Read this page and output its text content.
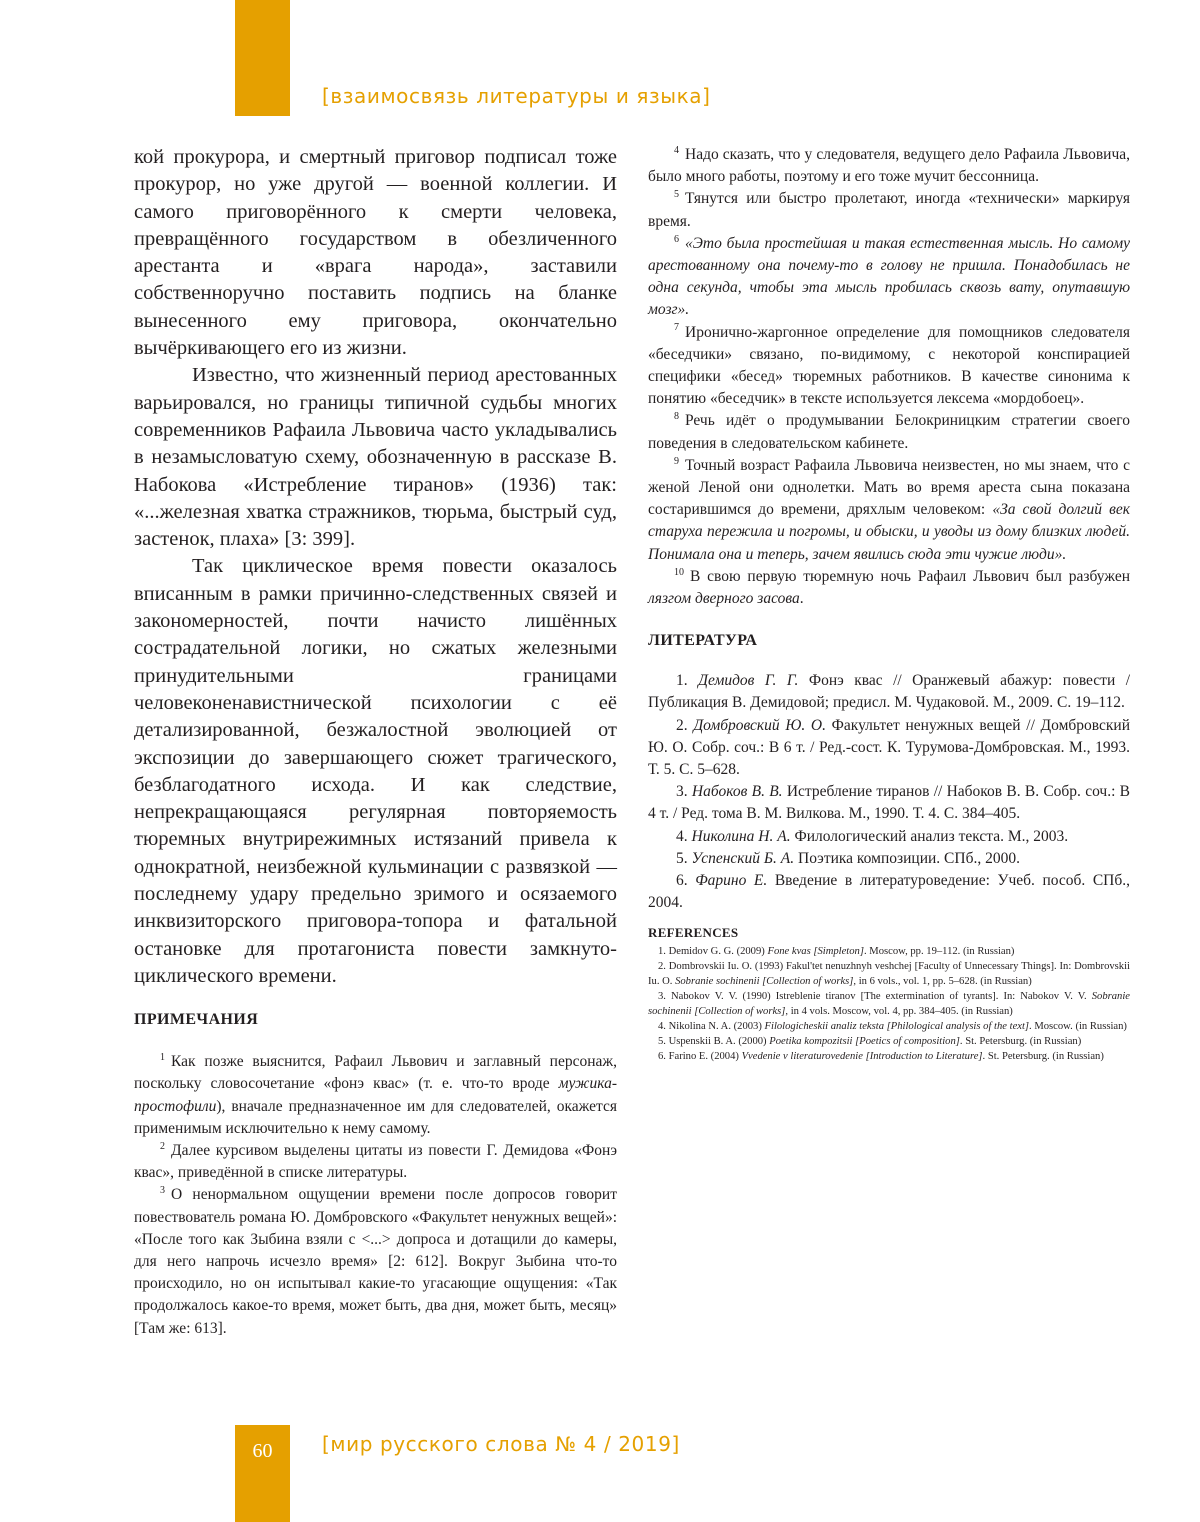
[взаимосвязь литературы и языка]

кой прокурора, и смертный приговор подписал тоже прокурор, но уже другой — военной коллегии. И самого приговорённого к смерти человека, превращённого государством в обезличенного арестанта и «врага народа», заставили собственноручно поставить подпись на бланке вынесенного ему приговора, окончательно вычёркивающего его из жизни.

Известно, что жизненный период арестованных варьировался, но границы типичной судьбы многих современников Рафаила Львовича часто укладывались в незамысловатую схему, обозначенную в рассказе В. Набокова «Истребление тиранов» (1936) так: «...железная хватка стражников, тюрьма, быстрый суд, застенок, плаха» [3: 399].

Так циклическое время повести оказалось вписанным в рамки причинно-следственных связей и закономерностей, почти начисто лишённых сострадательной логики, но сжатых железными принудительными границами человеконенавистнической психологии с её детализированной, безжалостной эволюцией от экспозиции до завершающего сюжет трагического, безблагодатного исхода. И как следствие, непрекращающаяся регулярная повторяемость тюремных внутрирежимных истязаний привела к однократной, неизбежной кульминации с развязкой — последнему удару предельно зримого и осязаемого инквизиторского приговора-топора и фатальной остановке для протагониста повести замкнуто-циклического времени.

ПРИМЕЧАНИЯ

$^1$ Как позже выяснится, Рафаил Львович и заглавный персонаж, поскольку словосочетание «фонэ квас» (т. е. что-то вроде мужика-простофили), вначале предназначенное им для следователей, окажется применимым исключительно к нему самому.

$^2$ Далее курсивом выделены цитаты из повести Г. Демидова «Фонэ квас», приведённой в списке литературы.

$^3$ О ненормальном ощущении времени после допросов говорит повествователь романа Ю. Домбровского «Факультет ненужных вещей»: «После того как Зыбина взяли с <...> допроса и дотащили до камеры, для него напрочь исчезло время» [2: 612]. Вокруг Зыбина что-то происходило, но он испытывал какие-то угасающие ощущения: «Так продолжалось какое-то время, может быть, два дня, может быть, месяц» [Там же: 613].

$^4$ Надо сказать, что у следователя, ведущего дело Рафаила Львовича, было много работы, поэтому и его тоже мучит бессонница.

$^5$ Тянутся или быстро пролетают, иногда «технически» маркируя время.

$^6$ «Это была простейшая и такая естественная мысль. Но самому арестованному она почему-то в голову не пришла. Понадобилась не одна секунда, чтобы эта мысль пробилась сквозь вату, опутавшую мозг».

$^7$ Иронично-жаргонное определение для помощников следователя «беседчики» связано, по-видимому, с некоторой конспирацией специфики «бесед» тюремных работников. В качестве синонима к понятию «беседчик» в тексте используется лексема «мордобоец».

$^8$ Речь идёт о продумывании Белокриницким стратегии своего поведения в следовательском кабинете.

$^9$ Точный возраст Рафаила Львовича неизвестен, но мы знаем, что с женой Леной они однолетки. Мать во время ареста сына показана состарившимся до времени, дряхлым человеком: «За свой долгий век старуха пережила и погромы, и обыски, и уводы из дому близких людей. Понимала она и теперь, зачем явились сюда эти чужие люди».

$^{10}$ В свою первую тюремную ночь Рафаил Львович был разбужен лязгом дверного засова.

ЛИТЕРАТУРА

1. Демидов Г. Г. Фонэ квас // Оранжевый абажур: повести / Публикация В. Демидовой; предисл. М. Чудаковой. М., 2009. С. 19–112.

2. Домбровский Ю. О. Факультет ненужных вещей // Домбровский Ю. О. Собр. соч.: В 6 т. / Ред.-сост. К. Турумова-Домбровская. М., 1993. Т. 5. С. 5–628.

3. Набоков В. В. Истребление тиранов // Набоков В. В. Собр. соч.: В 4 т. / Ред. тома В. М. Вилкова. М., 1990. Т. 4. С. 384–405.

4. Николина Н. А. Филологический анализ текста. М., 2003.

5. Успенский Б. А. Поэтика композиции. СПб., 2000.

6. Фарино Е. Введение в литературоведение: Учеб. пособ. СПб., 2004.

REFERENCES

1. Demidov G. G. (2009) Fone kvas [Simpleton]. Moscow, pp. 19–112. (in Russian)

2. Dombrovskii Iu. O. (1993) Fakul'tet nenuzhnyh veshchej [Faculty of Unnecessary Things]. In: Dombrovskii Iu. O. Sobranie sochinenii [Collection of works], in 6 vols., vol. 1, pp. 5–628. (in Russian)

3. Nabokov V. V. (1990) Istreblenie tiranov [The extermination of tyrants]. In: Nabokov V. V. Sobranie sochinenii [Collection of works], in 4 vols. Moscow, vol. 4, pp. 384–405. (in Russian)

4. Nikolina N. A. (2003) Filologicheskii analiz teksta [Philological analysis of the text]. Moscow. (in Russian)

5. Uspenskii B. A. (2000) Poetika kompozitsii [Poetics of composition]. St. Petersburg. (in Russian)

6. Farino E. (2004) Vvedenie v literaturovedenie [Introduction to Literature]. St. Petersburg. (in Russian)

60	[мир русского слова № 4 / 2019]
